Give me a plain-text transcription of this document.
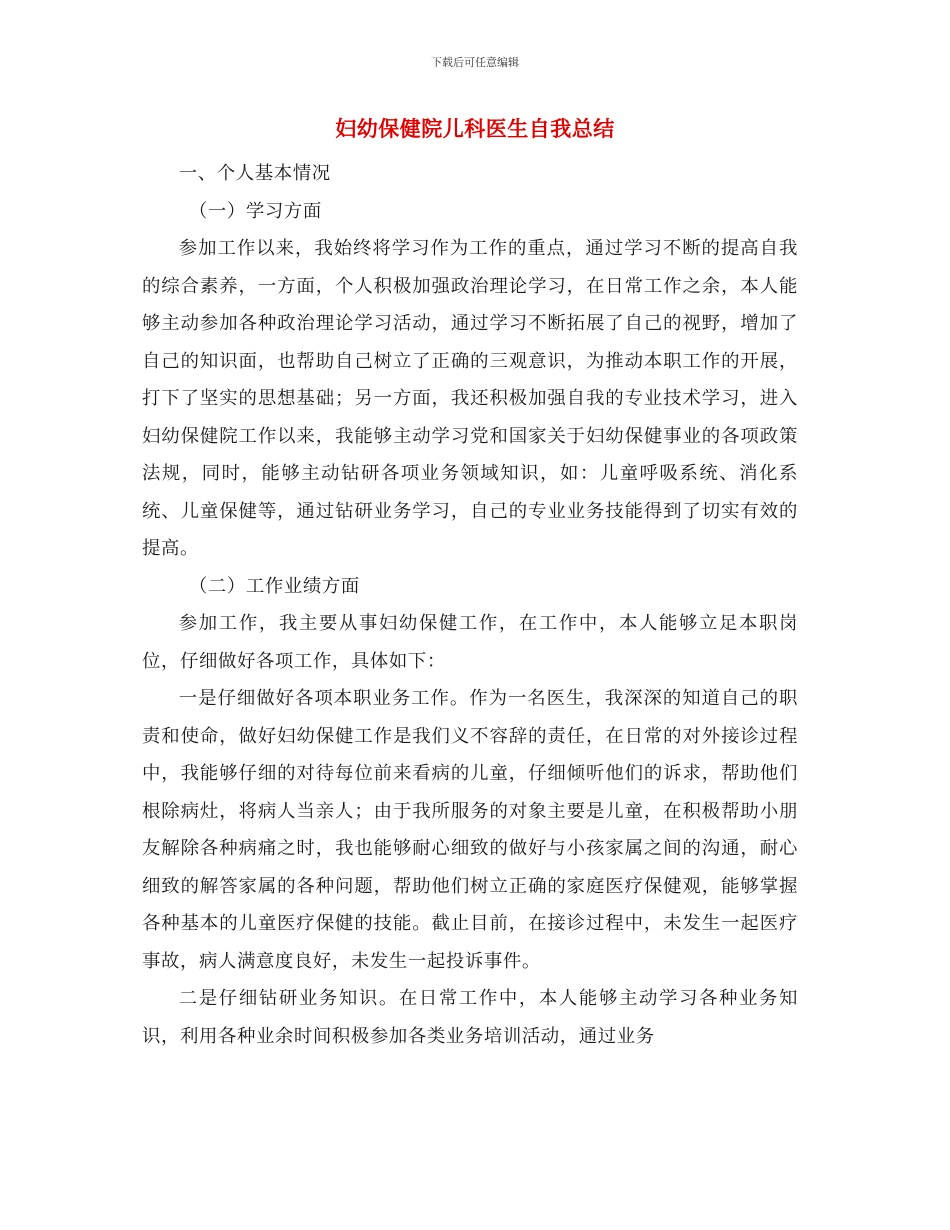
下载后可任意编辑
妇幼保健院儿科医生自我总结

一、个人基本情况

（一）学习方面

参加工作以来，我始终将学习作为工作的重点，通过学习不断的提高自我的综合素养，一方面，个人积极加强政治理论学习，在日常工作之余，本人能够主动参加各种政治理论学习活动，通过学习不断拓展了自己的视野，增加了自己的知识面，也帮助自己树立了正确的三观意识，为推动本职工作的开展，打下了坚实的思想基础；另一方面，我还积极加强自我的专业技术学习，进入妇幼保健院工作以来，我能够主动学习党和国家关于妇幼保健事业的各项政策法规，同时，能够主动钻研各项业务领域知识，如：儿童呼吸系统、消化系统、儿童保健等，通过钻研业务学习，自己的专业业务技能得到了切实有效的提高。

（二）工作业绩方面

参加工作，我主要从事妇幼保健工作，在工作中，本人能够立足本职岗位，仔细做好各项工作，具体如下：

一是仔细做好各项本职业务工作。作为一名医生，我深深的知道自己的职责和使命，做好妇幼保健工作是我们义不容辞的责任，在日常的对外接诊过程中，我能够仔细的对待每位前来看病的儿童，仔细倾听他们的诉求，帮助他们根除病灶，将病人当亲人；由于我所服务的对象主要是儿童，在积极帮助小朋友解除各种病痛之时，我也能够耐心细致的做好与小孩家属之间的沟通，耐心细致的解答家属的各种问题，帮助他们树立正确的家庭医疗保健观，能够掌握各种基本的儿童医疗保健的技能。截止目前，在接诊过程中，未发生一起医疗事故，病人满意度良好，未发生一起投诉事件。

二是仔细钻研业务知识。在日常工作中，本人能够主动学习各种业务知识，利用各种业余时间积极参加各类业务培训活动，通过业务
